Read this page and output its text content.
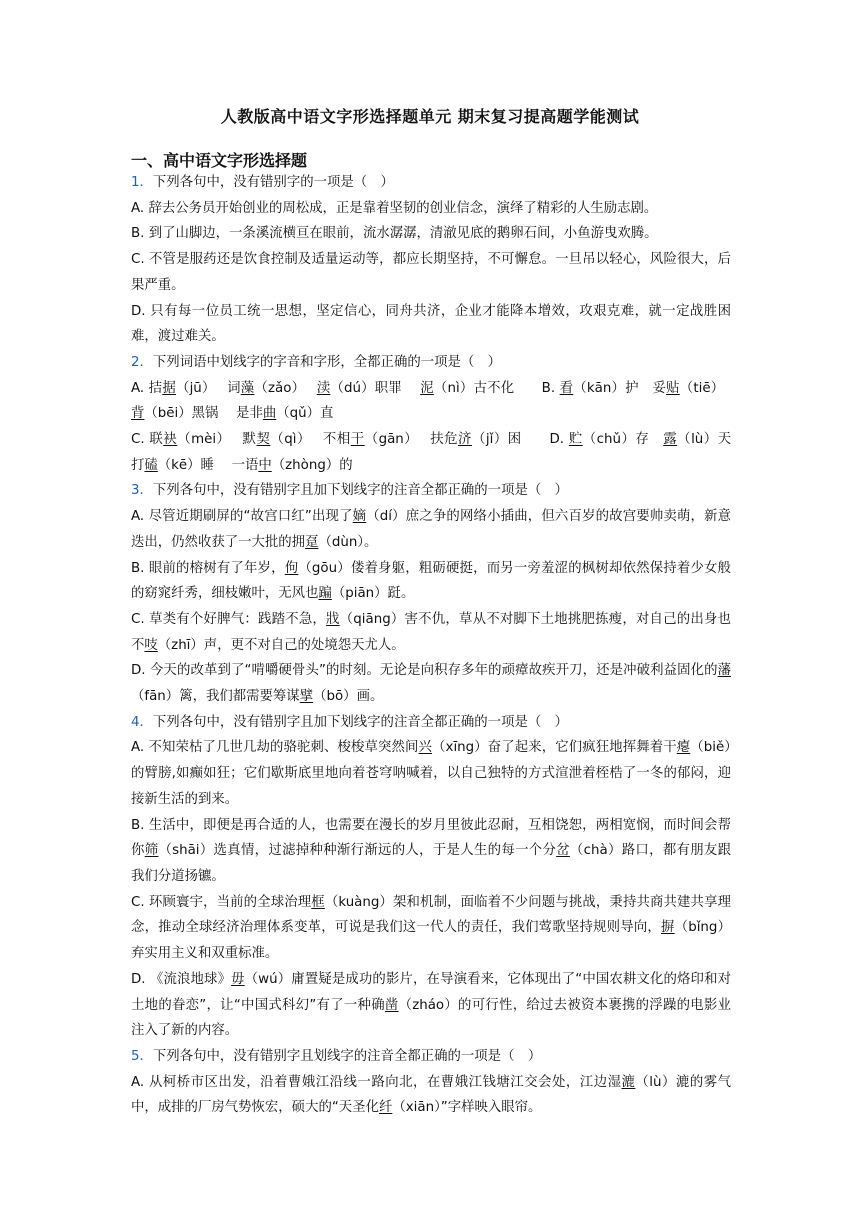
人教版高中语文字形选择题单元 期末复习提高题学能测试
一、高中语文字形选择题

1．下列各句中，没有错别字的一项是（　）

A. 辞去公务员开始创业的周松成，正是靠着坚韧的创业信念，演绎了精彩的人生励志剧。

B. 到了山脚边，一条溪流横亘在眼前，流水潺潺，清澈见底的鹅卵石间，小鱼游曳欢腾。

C. 不管是服药还是饮食控制及适量运动等，都应长期坚持，不可懈怠。一旦吊以轻心，风险很大，后果严重。

D. 只有每一位员工统一思想，坚定信心，同舟共济，企业才能降本增效，攻艰克难，就一定战胜困难，渡过难关。

2．下列词语中划线字的字音和字形，全都正确的一项是（　）

A. 拮据（jū）　 词藻（zǎo）　 渎（dú）职罪　 泥（nì）古不化　　B. 看（kān）护　妥贴（tiē）　 背（bēi）黑锅　 是非曲（qǔ）直

C. 联袂（mèi）　 默契（qì）　 不相干（gān）　 扶危济（jǐ）困　　D. 贮（chǔ）存　露（lù）天　 打磕（kē）睡　 一语中（zhòng）的

3．下列各句中，没有错别字且加下划线字的注音全都正确的一项是（　）

A. 尽管近期刷屏的“故宫口红”出现了嫡（dí）庶之争的网络小插曲，但六百岁的故宫要帅卖萌，新意迭出，仍然收获了一大批的拥趸（dùn）。

B. 眼前的榕树有了年岁，佝（gōu）偻着身躯，粗砺硬挺，而另一旁羞涩的枫树却依然保持着少女般的窈窕纤秀，细枝嫩叶，无风也蹁（piān）跹。

C. 草类有个好脾气：践踏不急，戕（qiāng）害不仇，草从不对脚下土地挑肥拣瘦，对自己的出身也不吱（zhī）声，更不对自己的处境怨天尤人。

D. 今天的改革到了“啃嚼硬骨头”的时刻。无论是向积存多年的顽瘴故疾开刀，还是冲破利益固化的藩（fān）篱，我们都需要筹谋擘（bō）画。

4．下列各句中，没有错别字且加下划线字的注音全都正确的一项是（　）

A. 不知荣枯了几世几劫的骆驼刺、梭梭草突然间兴（xīng）奋了起来，它们疯狂地挥舞着干瘪（biě）的臂膀,如癫如狂；它们歇斯底里地向着苍穹呐喊着，以自己独特的方式渲泄着桎梏了一冬的郁闷，迎接新生活的到来。

B. 生活中，即便是再合适的人，也需要在漫长的岁月里彼此忍耐，互相饶恕，两相宽悯，而时间会帮你筛（shāi）选真情，过滤掉种种渐行渐远的人，于是人生的每一个分岔（chà）路口，都有朋友跟我们分道扬镳。

C. 环顾寰宇，当前的全球治理框（kuàng）架和机制，面临着不少问题与挑战，秉持共商共建共享理念，推动全球经济治理体系变革，可说是我们这一代人的责任，我们莺歌坚持规则导向，摒（bǐng）弃实用主义和双重标准。

D. 《流浪地球》毋（wú）庸置疑是成功的影片，在导演看来，它体现出了“中国农耕文化的烙印和对土地的眷恋”，让“中国式科幻”有了一种确凿（zháo）的可行性，给过去被资本裹携的浮躁的电影业注入了新的内容。

5．下列各句中，没有错别字且划线字的注音全都正确的一项是（　）

A. 从柯桥市区出发，沿着曹娥江沿线一路向北，在曹娥江钱塘江交会处，江边湿漉（lù）漉的雾气中，成排的厂房气势恢宏，硕大的“天圣化纤（xiān）”字样映入眼帘。
